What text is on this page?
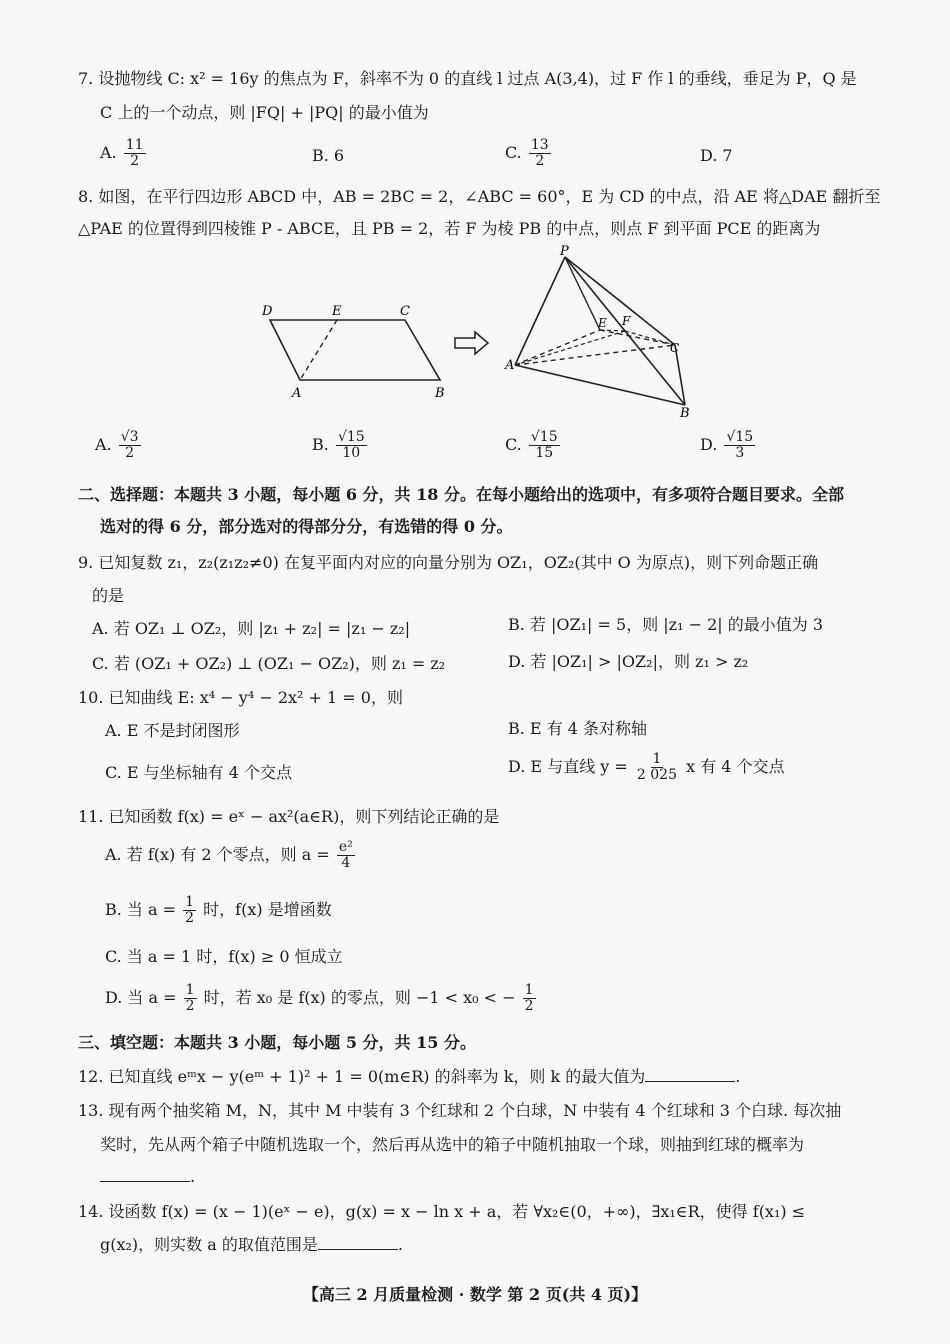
7. 设抛物线 C: x² = 16y 的焦点为 F，斜率不为 0 的直线 l 过点 A(3,4)，过 F 作 l 的垂线，垂足为 P，Q 是
C 上的一个动点，则 |FQ| + |PQ| 的最小值为
A. $\frac{11}{2}$	B. 6	C. $\frac{13}{2}$	D. 7
8. 如图，在平行四边形 ABCD 中，AB = 2BC = 2，∠ABC = 60°，E 为 CD 的中点，沿 AE 将△DAE 翻折至
△PAE 的位置得到四棱锥 P - ABCE，且 PB = 2，若 F 为棱 PB 的中点，则点 F 到平面 PCE 的距离为
D	E	C
A	B
P
E F
A
C
B
A. $\frac{√3}{2}$	B. $\frac{√15}{10}$	C. $\frac{√15}{15}$	D. $\frac{√15}{3}$
二、选择题：本题共 3 小题，每小题 6 分，共 18 分。在每小题给出的选项中，有多项符合题目要求。全部
选对的得 6 分，部分选对的得部分分，有选错的得 0 分。
9. 已知复数 z₁，z₂(z₁z₂≠0) 在复平面内对应的向量分别为 OZ₁，OZ₂(其中 O 为原点)，则下列命题正确
的是
A. 若 OZ₁ ⊥ OZ₂，则 |z₁ + z₂| = |z₁ − z₂|	B. 若 |OZ₁| = 5，则 |z₁ − 2| 的最小值为 3
C. 若 (OZ₁ + OZ₂) ⊥ (OZ₁ − OZ₂)，则 z₁ = z₂	D. 若 |OZ₁| > |OZ₂|，则 z₁ > z₂
10. 已知曲线 E: x⁴ − y⁴ − 2x² + 1 = 0，则
A. E 不是封闭图形	B. E 有 4 条对称轴
C. E 与坐标轴有 4 个交点	D. E 与直线 $y = \frac{1}{2 025}$ x 有 4 个交点
11. 已知函数 f(x) = eˣ − ax²(a∈R)，则下列结论正确的是
A. 若 f(x) 有 2 个零点，则 $a = \frac{\text{e²}}{4}$
B. 当 $a = \frac{1}{2}$ 时，f(x) 是增函数
C. 当 a = 1 时，f(x) ≥ 0 恒成立
D. 当 $a = \frac{1}{2}$ 时，若 x₀ 是 f(x) 的零点，则 −1 < x₀ < − $\frac{1}{2}$
三、填空题：本题共 3 小题，每小题 5 分，共 15 分。
12. 已知直线 eᵐx − y(eᵐ + 1)² + 1 = 0(m∈R) 的斜率为 k，则 k 的最大值为	.
13. 现有两个抽奖箱 M，N，其中 M 中装有 3 个红球和 2 个白球，N 中装有 4 个红球和 3 个白球. 每次抽
奖时，先从两个箱子中随机选取一个，然后再从选中的箱子中随机抽取一个球，则抽到红球的概率为
.
14. 设函数 f(x) = (x − 1)(eˣ − e)，g(x) = x − ln x + a，若 ∀x₂∈(0，+∞)，∃x₁∈R，使得 f(x₁) ≤
g(x₂)，则实数 a 的取值范围是	.
【高三 2 月质量检测 · 数学 第 2 页(共 4 页)】
